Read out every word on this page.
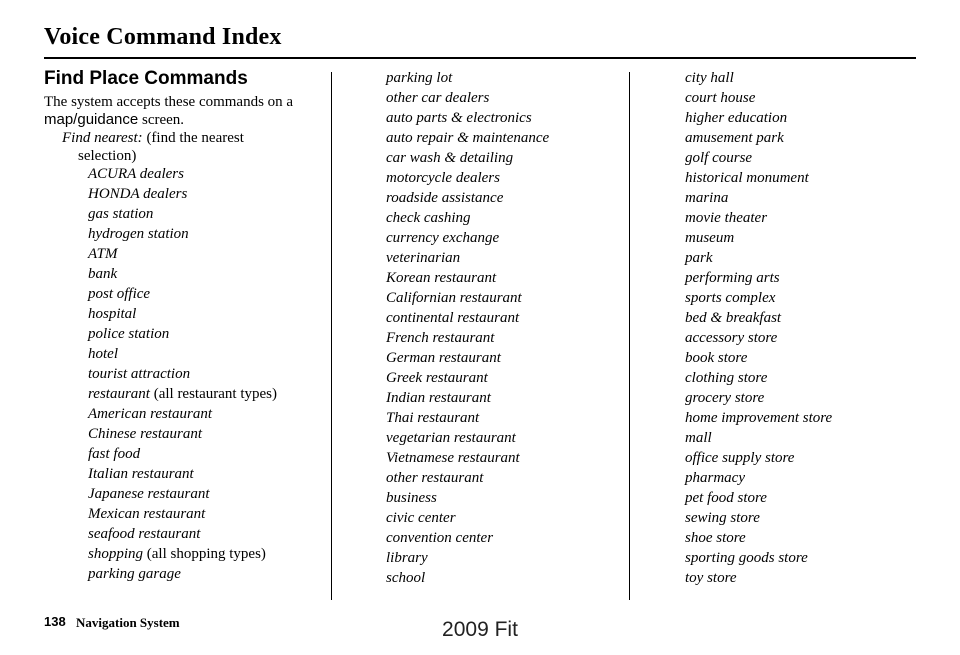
Voice Command Index
Find Place Commands
The system accepts these commands on a map/guidance screen.
Find nearest: (find the nearest
selection)
ACURA dealers
HONDA dealers
gas station
hydrogen station
ATM
bank
post office
hospital
police station
hotel
tourist attraction
restaurant (all restaurant types)
American restaurant
Chinese restaurant
fast food
Italian restaurant
Japanese restaurant
Mexican restaurant
seafood restaurant
shopping (all shopping types)
parking garage
parking lot
other car dealers
auto parts & electronics
auto repair & maintenance
car wash & detailing
motorcycle dealers
roadside assistance
check cashing
currency exchange
veterinarian
Korean restaurant
Californian restaurant
continental restaurant
French restaurant
German restaurant
Greek restaurant
Indian restaurant
Thai restaurant
vegetarian restaurant
Vietnamese restaurant
other restaurant
business
civic center
convention center
library
school
city hall
court house
higher education
amusement park
golf course
historical monument
marina
movie theater
museum
park
performing arts
sports complex
bed & breakfast
accessory store
book store
clothing store
grocery store
home improvement store
mall
office supply store
pharmacy
pet food store
sewing store
shoe store
sporting goods store
toy store
138 Navigation System	2009 Fit
